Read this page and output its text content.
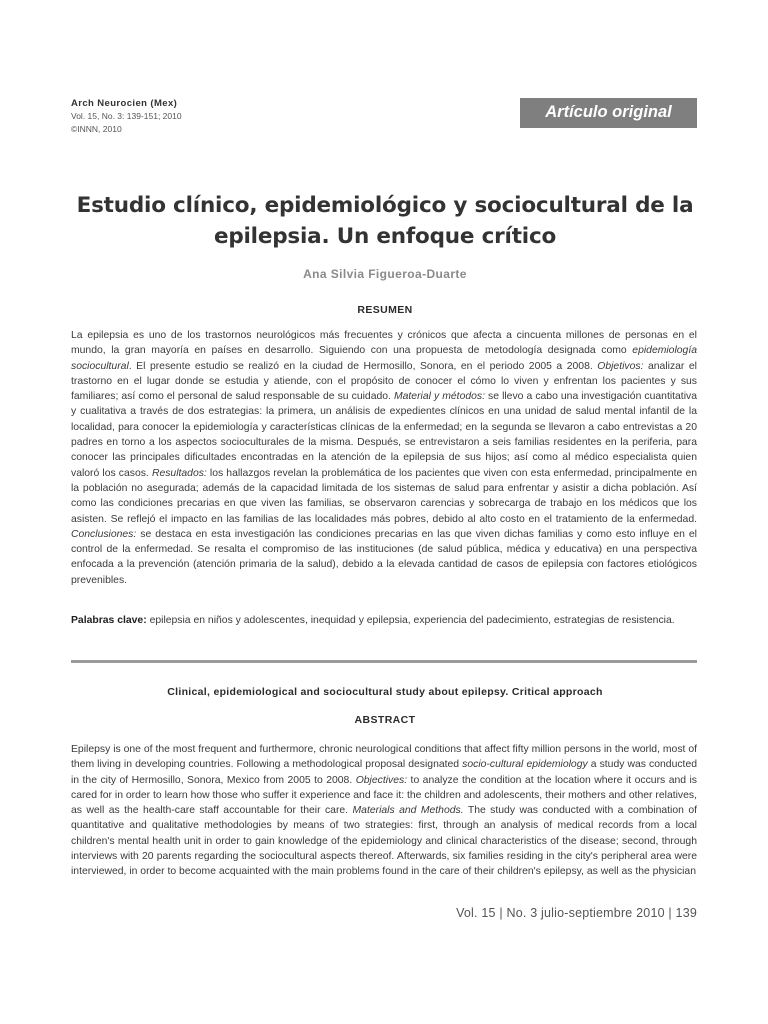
Arch Neurocien (Mex)
Vol. 15, No. 3: 139-151; 2010
©INNN, 2010
Artículo original
Estudio clínico, epidemiológico y sociocultural de la epilepsia. Un enfoque crítico
Ana Silvia Figueroa-Duarte
RESUMEN

La epilepsia es uno de los trastornos neurológicos más frecuentes y crónicos que afecta a cincuenta millones de personas en el mundo, la gran mayoría en países en desarrollo. Siguiendo con una propuesta de metodología designada como epidemiología sociocultural. El presente estudio se realizó en la ciudad de Hermosillo, Sonora, en el periodo 2005 a 2008. Objetivos: analizar el trastorno en el lugar donde se estudia y atiende, con el propósito de conocer el cómo lo viven y enfrentan los pacientes y sus familiares; así como el personal de salud responsable de su cuidado. Material y métodos: se llevo a cabo una investigación cuantitativa y cualitativa a través de dos estrategias: la primera, un análisis de expedientes clínicos en una unidad de salud mental infantil de la localidad, para conocer la epidemiología y características clínicas de la enfermedad; en la segunda se llevaron a cabo entrevistas a 20 padres en torno a los aspectos socioculturales de la misma. Después, se entrevistaron a seis familias residentes en la periferia, para conocer las principales dificultades encontradas en la atención de la epilepsia de sus hijos; así como al médico especialista quien valoró los casos. Resultados: los hallazgos revelan la problemática de los pacientes que viven con esta enfermedad, principalmente en la población no asegurada; además de la capacidad limitada de los sistemas de salud para enfrentar y asistir a dicha población. Así como las condiciones precarias en que viven las familias, se observaron carencias y sobrecarga de trabajo en los médicos que los asisten. Se reflejó el impacto en las familias de las localidades más pobres, debido al alto costo en el tratamiento de la enfermedad. Conclusiones: se destaca en esta investigación las condiciones precarias en las que viven dichas familias y como esto influye en el control de la enfermedad. Se resalta el compromiso de las instituciones (de salud pública, médica y educativa) en una perspectiva enfocada a la prevención (atención primaria de la salud), debido a la elevada cantidad de casos de epilepsia con factores etiológicos prevenibles.

Palabras clave: epilepsia en niños y adolescentes, inequidad y epilepsia, experiencia del padecimiento, estrategias de resistencia.

Clinical, epidemiological and sociocultural study about epilepsy. Critical approach
ABSTRACT

Epilepsy is one of the most frequent and furthermore, chronic neurological conditions that affect fifty million persons in the world, most of them living in developing countries. Following a methodological proposal designated socio-cultural epidemiology a study was conducted in the city of Hermosillo, Sonora, Mexico from 2005 to 2008. Objectives: to analyze the condition at the location where it occurs and is cared for in order to learn how those who suffer it experience and face it: the children and adolescents, their mothers and other relatives, as well as the health-care staff accountable for their care. Materials and Methods. The study was conducted with a combination of quantitative and qualitative methodologies by means of two strategies: first, through an analysis of medical records from a local children's mental health unit in order to gain knowledge of the epidemiology and clinical characteristics of the disease; second, through interviews with 20 parents regarding the sociocultural aspects thereof. Afterwards, six families residing in the city's peripheral area were interviewed, in order to become acquainted with the main problems found in the care of their children's epilepsy, as well as the physician

Vol. 15 | No. 3 julio-septiembre 2010 | 139
